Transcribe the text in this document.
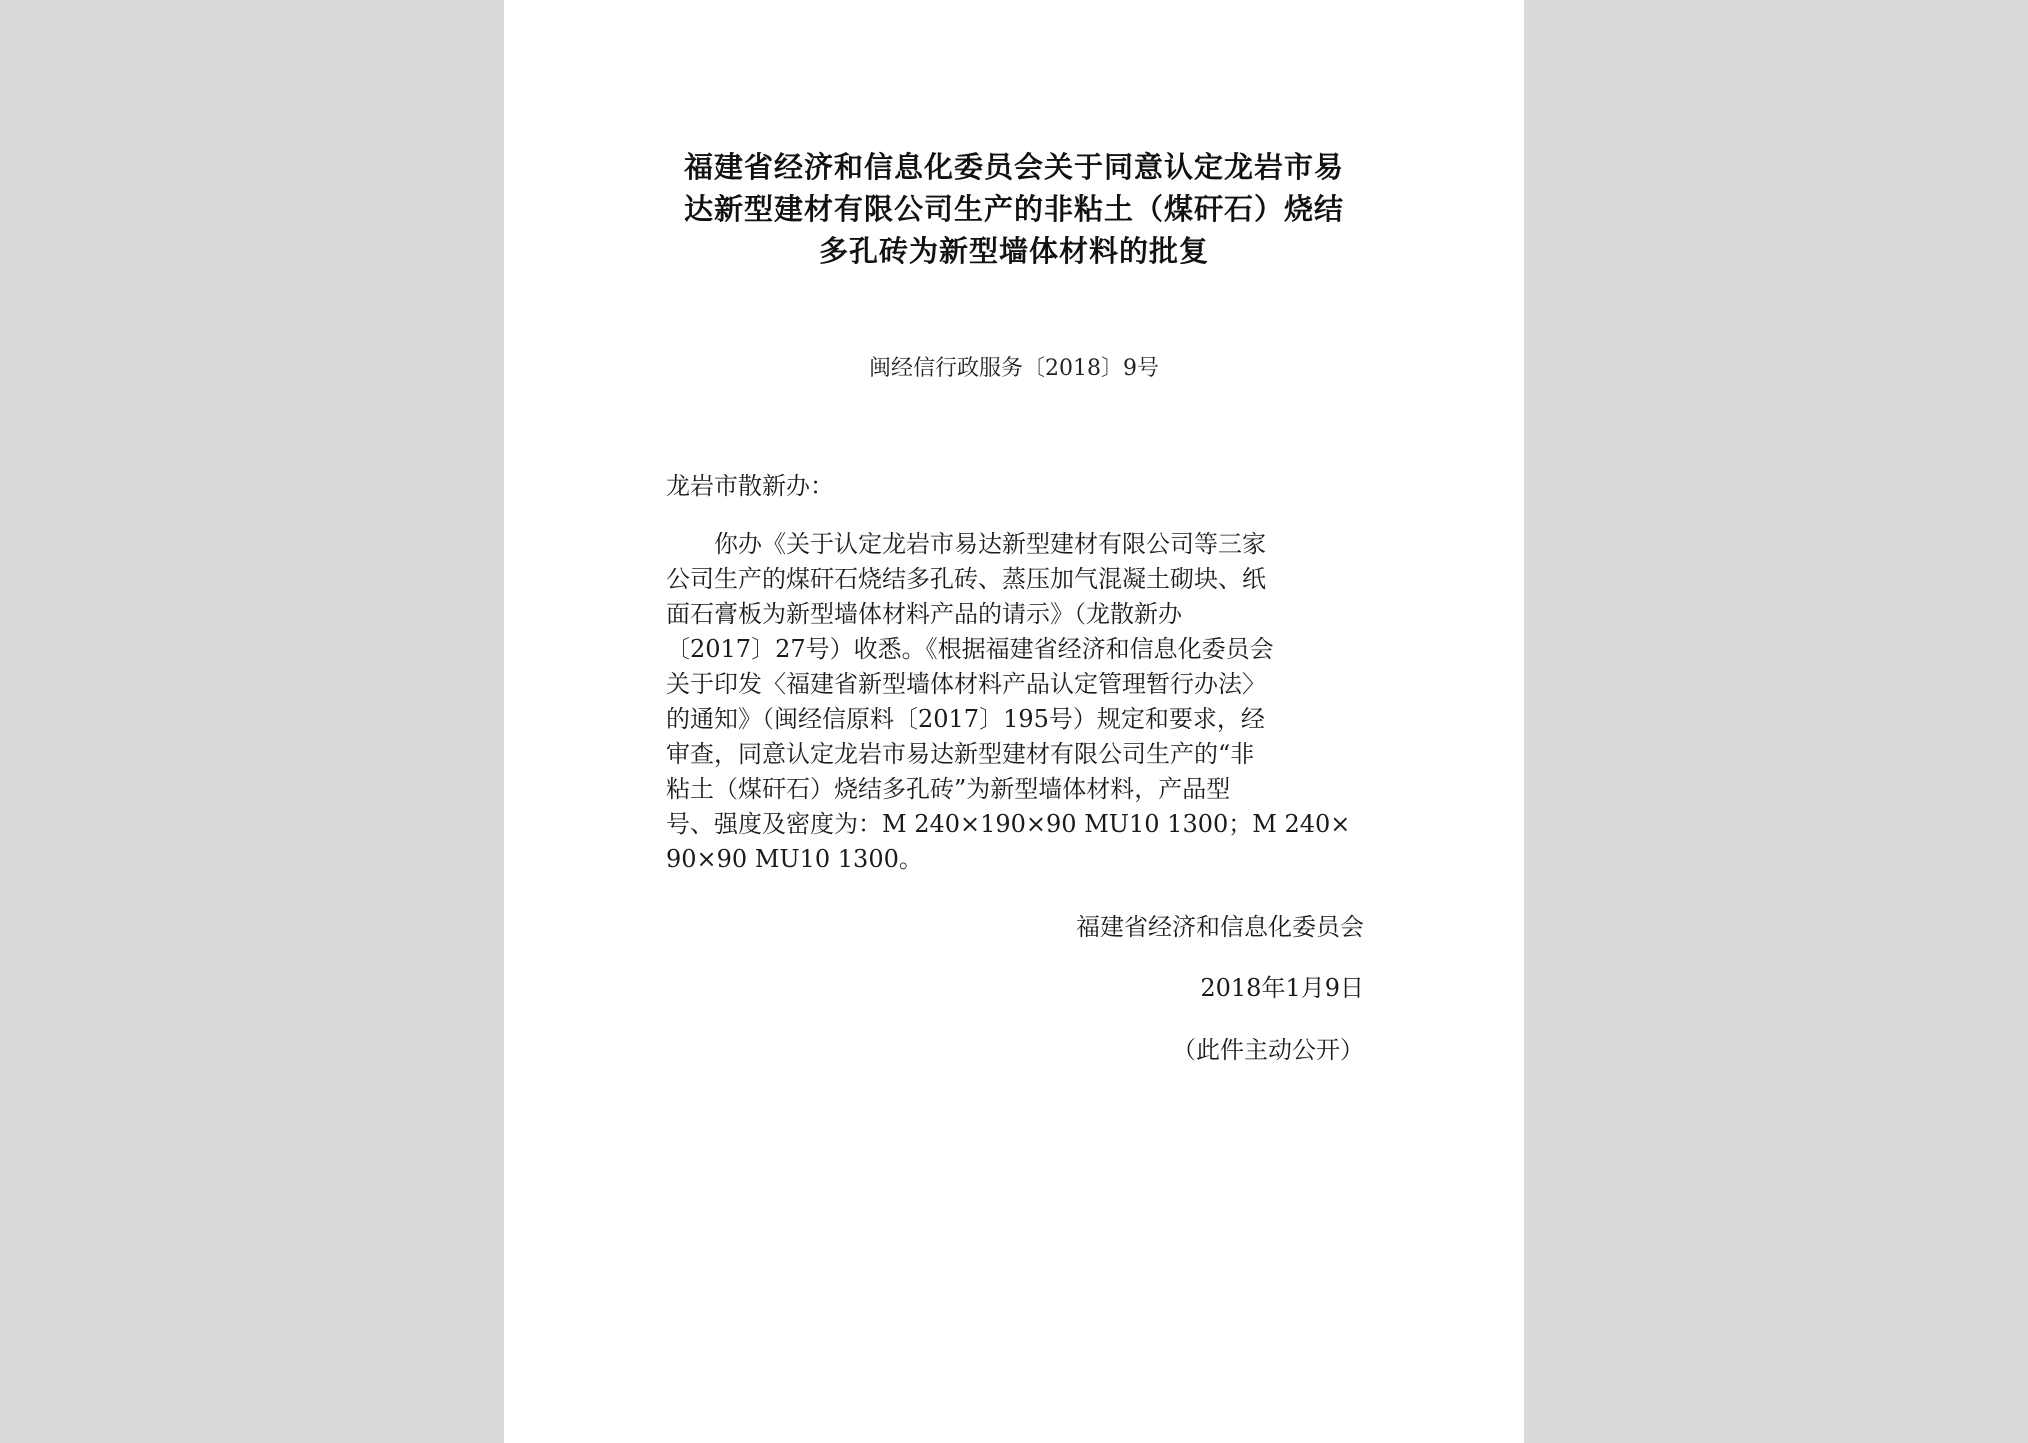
福建省经济和信息化委员会关于同意认定龙岩市易
达新型建材有限公司生产的非粘土（煤矸石）烧结
多孔砖为新型墙体材料的批复
闽经信行政服务〔2018〕9号
龙岩市散新办：
　　你办《关于认定龙岩市易达新型建材有限公司等三家
公司生产的煤矸石烧结多孔砖、蒸压加气混凝土砌块、纸
面石膏板为新型墙体材料产品的请示》（龙散新办
〔2017〕27号）收悉。《根据福建省经济和信息化委员会
关于印发〈福建省新型墙体材料产品认定管理暂行办法〉
的通知》（闽经信原料〔2017〕195号）规定和要求，经
审查，同意认定龙岩市易达新型建材有限公司生产的“非
粘土（煤矸石）烧结多孔砖”为新型墙体材料，产品型
号、强度及密度为：M 240×190×90 MU10 1300；M 240×
90×90 MU10 1300。
福建省经济和信息化委员会
2018年1月9日
（此件主动公开）
